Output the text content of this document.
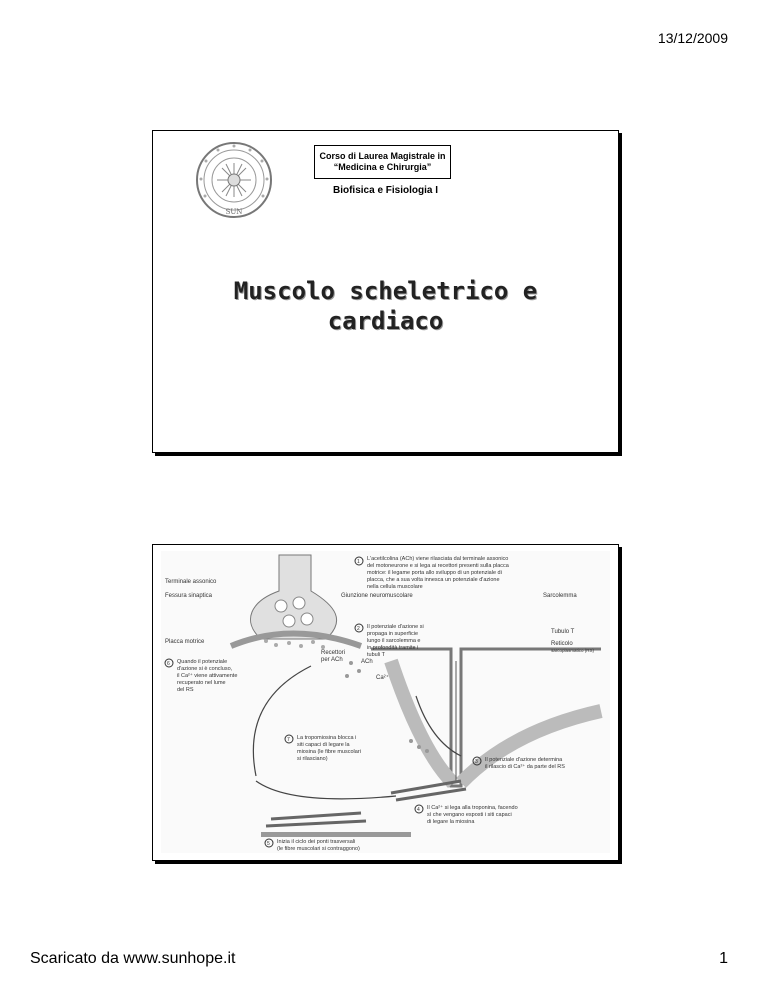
13/12/2009
SUN
Corso di Laurea Magistrale in
“Medicina e Chirurgia”
Biofisica e Fisiologia I
Muscolo scheletrico e
cardiaco
Terminale assonico
Fessura sinaptica
Placca motrice
Giunzione neuromuscolare	Sarcolemma
Tubulo T
Reticolo
sarcoplasmatico (RS)
Recettori
per ACh	ACh
Ca²⁺
1 L'acetilcolina (ACh) viene rilasciata dal terminale assonico
del motoneurone e si lega ai recettori presenti sulla placca
motrice: il legame porta allo sviluppo di un potenziale di
placca, che a sua volta innesca un potenziale d'azione
nella cellula muscolare
2 Il potenziale d'azione si
propaga in superficie
lungo il sarcolemma e
in profondità tramite i
tubuli T
6 Quando il potenziale
d'azione si è concluso,
il Ca²⁺ viene attivamente
recuperato nel lume
del RS
7 La tropomiosina blocca i
siti capaci di legare la
miosina (le fibre muscolari
si rilasciano)	3 Il potenziale d'azione determina
il rilascio di Ca²⁺ da parte del RS
4 Il Ca²⁺ si lega alla troponina, facendo
sì che vengano esposti i siti capaci
di legare la miosina
5 Inizia il ciclo dei ponti trasversali
(le fibre muscolari si contraggono)
Scaricato da www.sunhope.it	1
